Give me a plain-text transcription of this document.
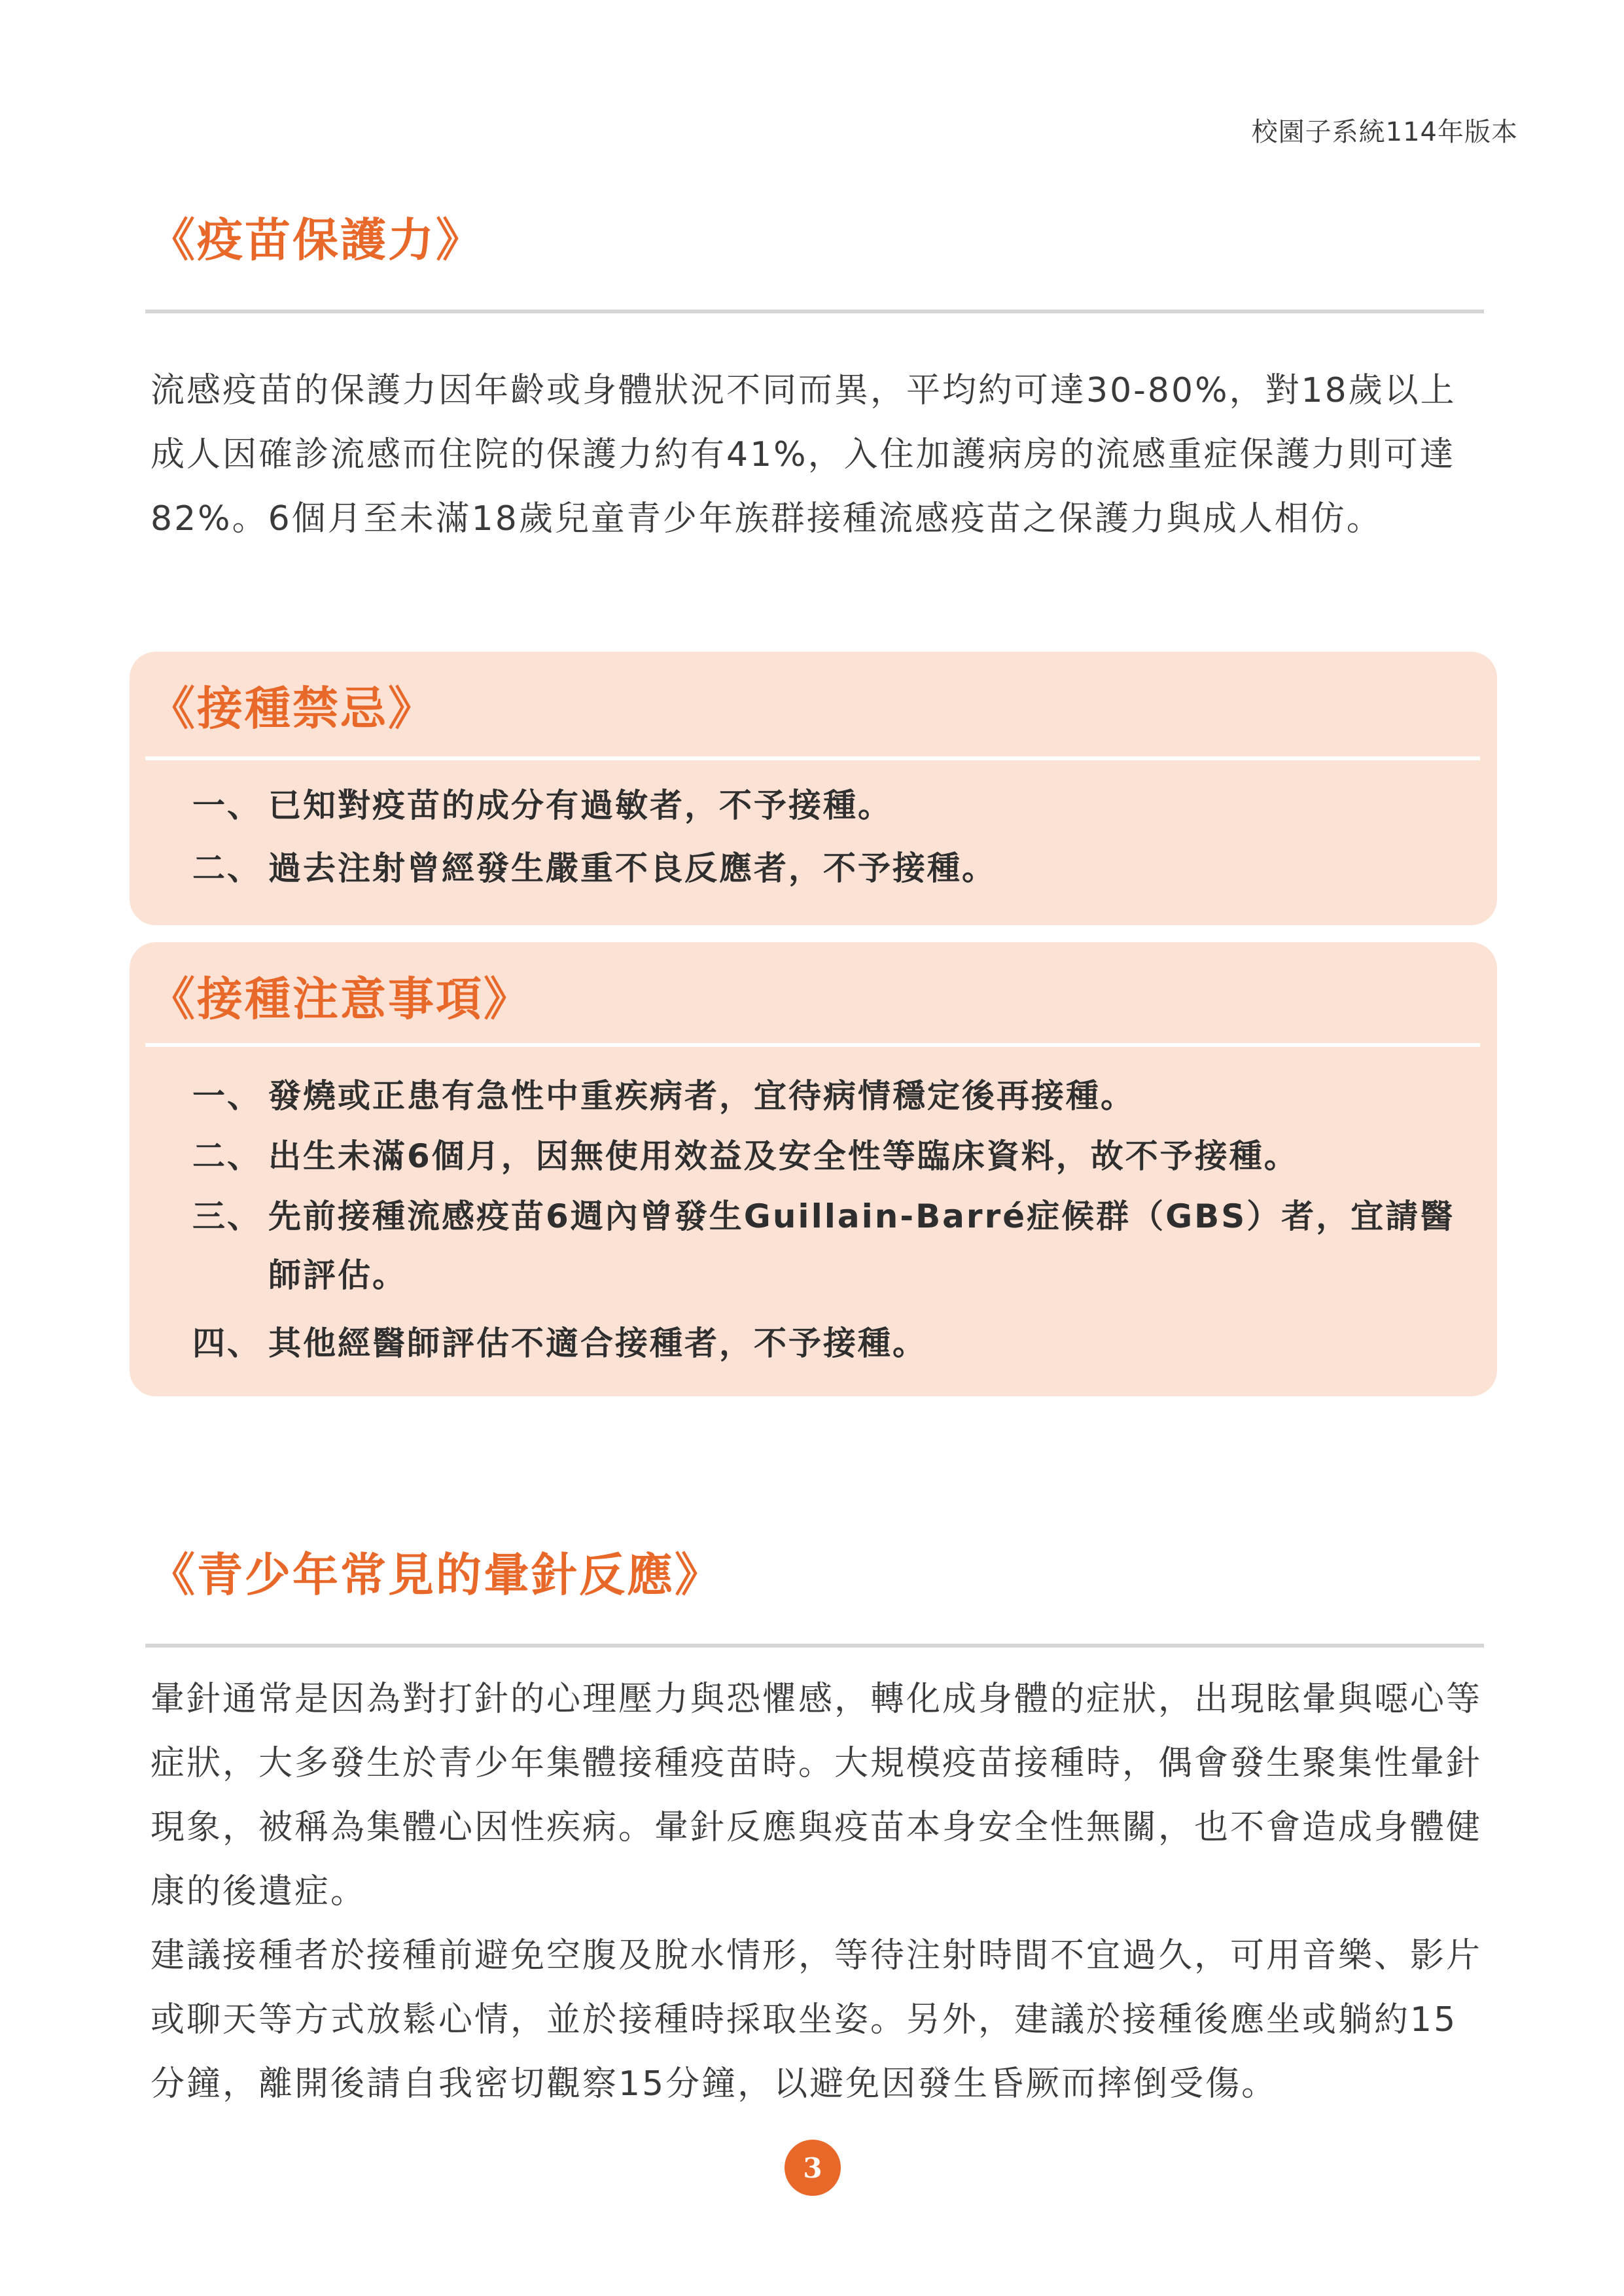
校園子系統114年版本
《疫苗保護力》

流感疫苗的保護力因年齡或身體狀況不同而異，平均約可達30-80%，對18歲以上成人因確診流感而住院的保護力約有41%，入住加護病房的流感重症保護力則可達82%。6個月至未滿18歲兒童青少年族群接種流感疫苗之保護力與成人相仿。

《接種禁忌》
一、 已知對疫苗的成分有過敏者，不予接種。
二、 過去注射曾經發生嚴重不良反應者，不予接種。
《接種注意事項》
一、 發燒或正患有急性中重疾病者，宜待病情穩定後再接種。
二、 出生未滿6個月，因無使用效益及安全性等臨床資料，故不予接種。
三、 先前接種流感疫苗6週內曾發生Guillain-Barré症候群（GBS）者，宜請醫師評估。
四、 其他經醫師評估不適合接種者，不予接種。
《青少年常見的暈針反應》

暈針通常是因為對打針的心理壓力與恐懼感，轉化成身體的症狀，出現眩暈與噁心等症狀，大多發生於青少年集體接種疫苗時。大規模疫苗接種時，偶會發生聚集性暈針現象，被稱為集體心因性疾病。暈針反應與疫苗本身安全性無關，也不會造成身體健康的後遺症。

建議接種者於接種前避免空腹及脫水情形，等待注射時間不宜過久，可用音樂、影片或聊天等方式放鬆心情，並於接種時採取坐姿。另外，建議於接種後應坐或躺約15分鐘，離開後請自我密切觀察15分鐘，以避免因發生昏厥而摔倒受傷。

3
